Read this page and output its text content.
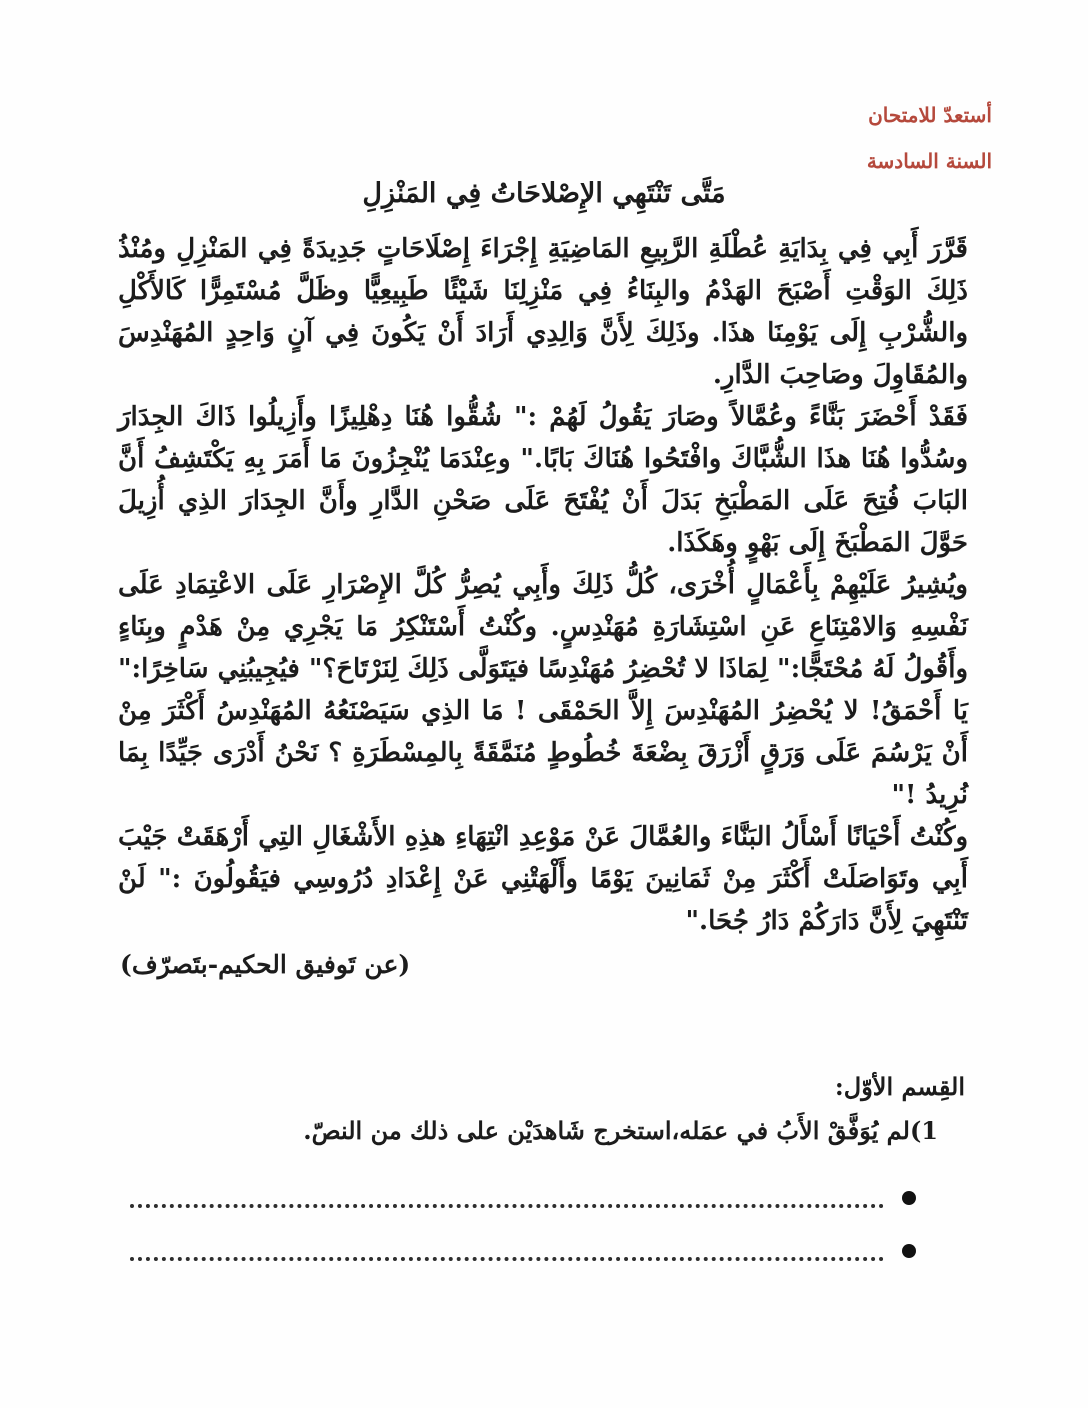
أستعدّ للامتحان
السنة السادسة
مَتَّى تَنْتَهِي الإِصْلاحَاتُ فِي المَنْزِلِ

قَرَّرَ أَبِي فِي بِدَايَةِ عُطْلَةِ الرَّبِيعِ المَاضِيَةِ إِجْرَاءَ إِصْلَاحَاتٍ جَدِيدَةً فِي المَنْزِلِ ومُنْذُ ذَلِكَ الوَقْتِ أَصْبَحَ الهَدْمُ والبِنَاءُ فِي مَنْزِلِنَا شَيْئًا طَبِيعِيًّا وظَلَّ مُسْتَمِرًّا كَالأَكْلِ والشُّرْبِ إِلَى يَوْمِنَا هذَا. وذَلِكَ لِأَنَّ وَالِدِي أَرَادَ أَنْ يَكُونَ فِي آنٍ وَاحِدٍ المُهَنْدِسَ والمُقَاوِلَ وصَاحِبَ الدَّارِ.

فَقَدْ أَحْضَرَ بَنَّاءً وعُمَّالاً وصَارَ يَقُولُ لَهُمْ :" شُقُّوا هُنَا دِهْلِيزًا وأَزِيلُوا ذَاكَ الجِدَارَ وسُدُّوا هُنَا هذَا الشُّبَّاكَ وافْتَحُوا هُنَاكَ بَابًا." وعِنْدَمَا يُنْجِزُونَ مَا أَمَرَ بِهِ يَكْتَشِفُ أَنَّ البَابَ فُتِحَ عَلَى المَطْبَخِ بَدَلَ أَنْ يُفْتَحَ عَلَى صَحْنِ الدَّارِ وأَنَّ الجِدَارَ الذِي أُزِيلَ حَوَّلَ المَطْبَخَ إِلَى بَهْوٍ وهَكَذَا.

ويُشِيرُ عَلَيْهِمْ بِأَعْمَالٍ أُخْرَى، كُلُّ ذَلِكَ وأَبِي يُصِرُّ كُلَّ الإِصْرَارِ عَلَى الاعْتِمَادِ عَلَى نَفْسِهِ وَالامْتِنَاعِ عَنِ اسْتِشَارَةِ مُهَنْدِسٍ. وكُنْتُ أَسْتَنْكِرُ مَا يَجْرِي مِنْ هَدْمٍ وبِنَاءٍ وأَقُولُ لَهُ مُحْتَجًّا:" لِمَاذَا لا تُحْضِرُ مُهَنْدِسًا فيَتَوَلَّى ذَلِكَ لِنَرْتَاحَ؟" فيُجِيبُنِي سَاخِرًا:" يَا أَحْمَقُ! لا يُحْضِرُ المُهَنْدِسَ إِلاَّ الحَمْقَى ! مَا الذِي سَيَصْنَعُهُ المُهَنْدِسُ أَكْثَرَ مِنْ أَنْ يَرْسُمَ عَلَى وَرَقٍ أَزْرَقَ بِضْعَةَ خُطُوطٍ مُنَمَّقَةً بِالمِسْطَرَةِ ؟ نَحْنُ أَدْرَى جَيِّدًا بِمَا نُرِيدُ !"

وكُنْتُ أَحْيَانًا أَسْأَلُ البَنَّاءَ والعُمَّالَ عَنْ مَوْعِدِ انْتِهَاءِ هذِهِ الأَشْغَالِ التِي أَرْهَقَتْ جَيْبَ أَبِي وتَوَاصَلَتْ أَكْثَرَ مِنْ ثَمَانِينَ يَوْمًا وأَلْهَتْنِي عَنْ إِعْدَادِ دُرُوسِي فيَقُولُونَ :" لَنْ تَنْتَهِيَ لِأَنَّ دَارَكُمْ دَارُ جُحَا."

(عن تَوفيق الحكيم-بتَصرّف)
القِسم الأوّل:
1)لم يُوَفَّقْ الأَبُ في عمَله،استخرج شَاهدَيْن على ذلك من النصّ.
